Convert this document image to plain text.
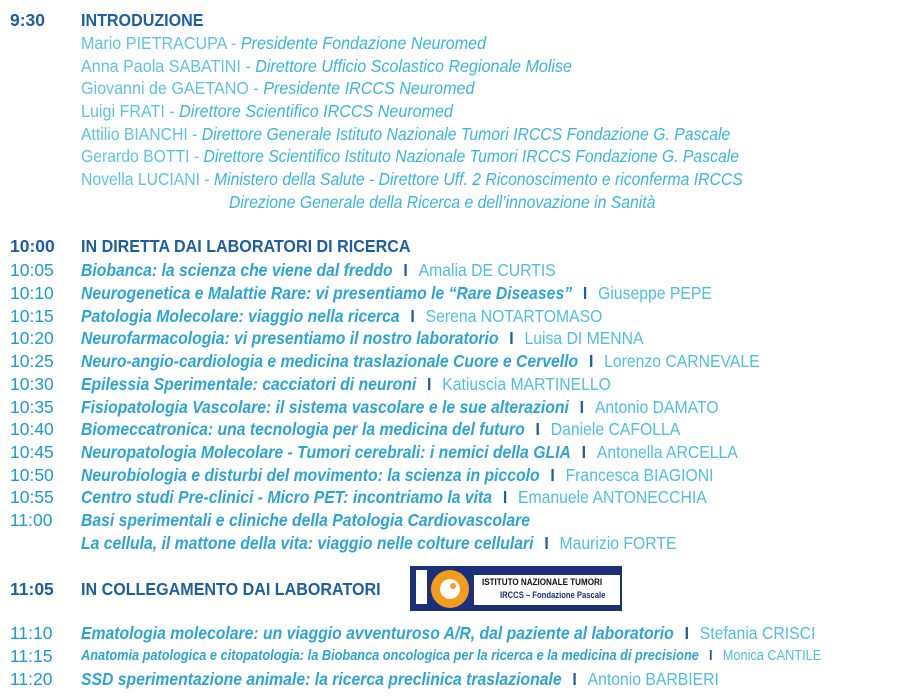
9:30	INTRODUZIONE
Mario PIETRACUPA - Presidente Fondazione Neuromed
Anna Paola SABATINI - Direttore Ufficio Scolastico Regionale Molise
Giovanni de GAETANO - Presidente IRCCS Neuromed
Luigi FRATI - Direttore Scientifico IRCCS Neuromed
Attilio BIANCHI - Direttore Generale Istituto Nazionale Tumori IRCCS Fondazione G. Pascale
Gerardo BOTTI - Direttore Scientifico Istituto Nazionale Tumori IRCCS Fondazione G. Pascale
Novella LUCIANI - Ministero della Salute - Direttore Uff. 2 Riconoscimento e riconferma IRCCS
Direzione Generale della Ricerca e dell’innovazione in Sanità
10:00	IN DIRETTA DAI LABORATORI DI RICERCA
10:05	Biobanca: la scienza che viene dal freddo I Amalia DE CURTIS
10:10	Neurogenetica e Malattie Rare: vi presentiamo le “Rare Diseases” I Giuseppe PEPE
10:15	Patologia Molecolare: viaggio nella ricerca I Serena NOTARTOMASO
10:20	Neurofarmacologia: vi presentiamo il nostro laboratorio I Luisa DI MENNA
10:25	Neuro-angio-cardiologia e medicina traslazionale Cuore e Cervello I Lorenzo CARNEVALE
10:30	Epilessia Sperimentale: cacciatori di neuroni I Katiuscia MARTINELLO
10:35	Fisiopatologia Vascolare: il sistema vascolare e le sue alterazioni I Antonio DAMATO
10:40	Biomeccatronica: una tecnologia per la medicina del futuro I Daniele CAFOLLA
10:45	Neuropatologia Molecolare - Tumori cerebrali: i nemici della GLIA I Antonella ARCELLA
10:50	Neurobiologia e disturbi del movimento: la scienza in piccolo I Francesca BIAGIONI
10:55	Centro studi Pre-clinici - Micro PET: incontriamo la vita I Emanuele ANTONECCHIA
11:00	Basi sperimentali e cliniche della Patologia Cardiovascolare
La cellula, il mattone della vita: viaggio nelle colture cellulari I Maurizio FORTE
11:05	IN COLLEGAMENTO DAI LABORATORI	ISTITUTO NAZIONALE TUMORI
IRCCS – Fondazione Pascale
11:10	Ematologia molecolare: un viaggio avventuroso A/R, dal paziente al laboratorio I Stefania CRISCI
11:15	Anatomia patologica e citopatologia: la Biobanca oncologica per la ricerca e la medicina di precisione I Monica CANTILE
11:20	SSD sperimentazione animale: la ricerca preclinica traslazionale I Antonio BARBIERI
